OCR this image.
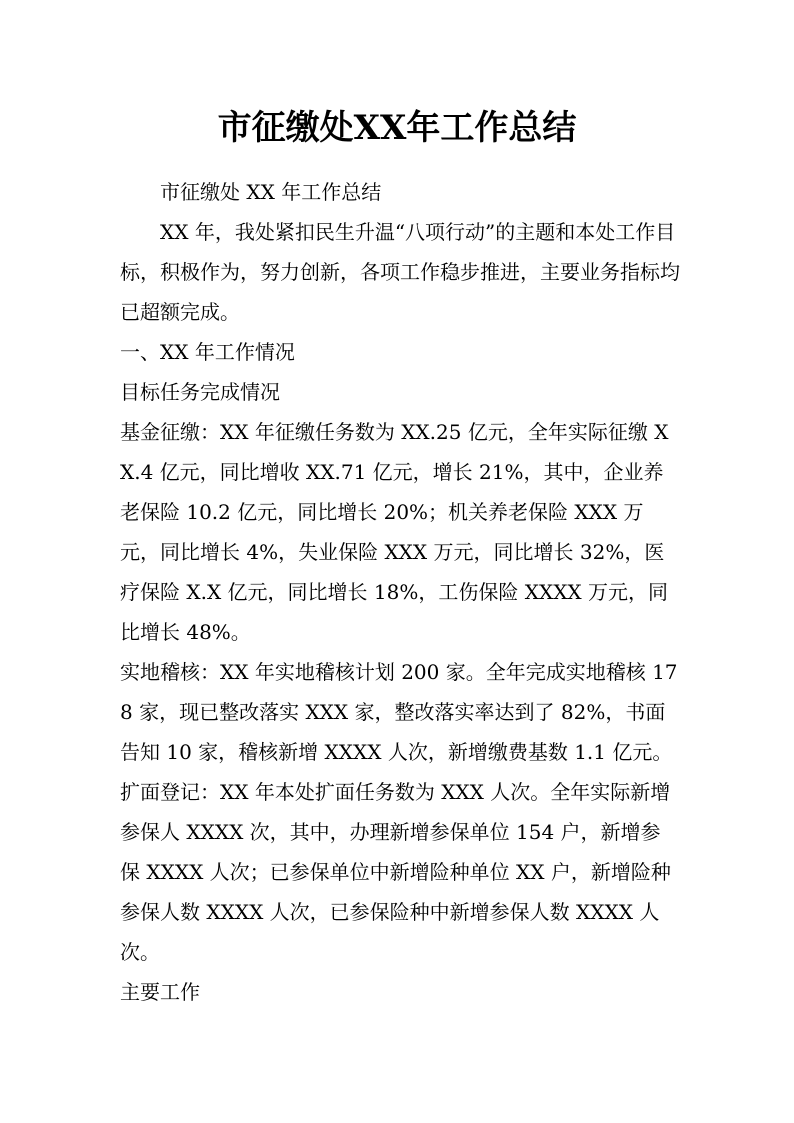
市征缴处XX年工作总结

市征缴处 XX 年工作总结

XX 年，我处紧扣民生升温“八项行动”的主题和本处工作目标，积极作为，努力创新，各项工作稳步推进，主要业务指标均已超额完成。

一、XX 年工作情况

目标任务完成情况

基金征缴：XX 年征缴任务数为 XX.25 亿元，全年实际征缴 XX.4 亿元，同比增收 XX.71 亿元，增长 21%，其中，企业养老保险 10.2 亿元，同比增长 20%；机关养老保险 XXX 万元，同比增长 4%，失业保险 XXX 万元，同比增长 32%，医疗保险 X.X 亿元，同比增长 18%，工伤保险 XXXX 万元，同比增长 48%。

实地稽核：XX 年实地稽核计划 200 家。全年完成实地稽核 178 家，现已整改落实 XXX 家，整改落实率达到了 82%，书面告知 10 家，稽核新增 XXXX 人次，新增缴费基数 1.1 亿元。

扩面登记：XX 年本处扩面任务数为 XXX 人次。全年实际新增参保人 XXXX 次，其中，办理新增参保单位 154 户，新增参保 XXXX 人次；已参保单位中新增险种单位 XX 户，新增险种参保人数 XXXX 人次，已参保险种中新增参保人数 XXXX 人次。

主要工作
